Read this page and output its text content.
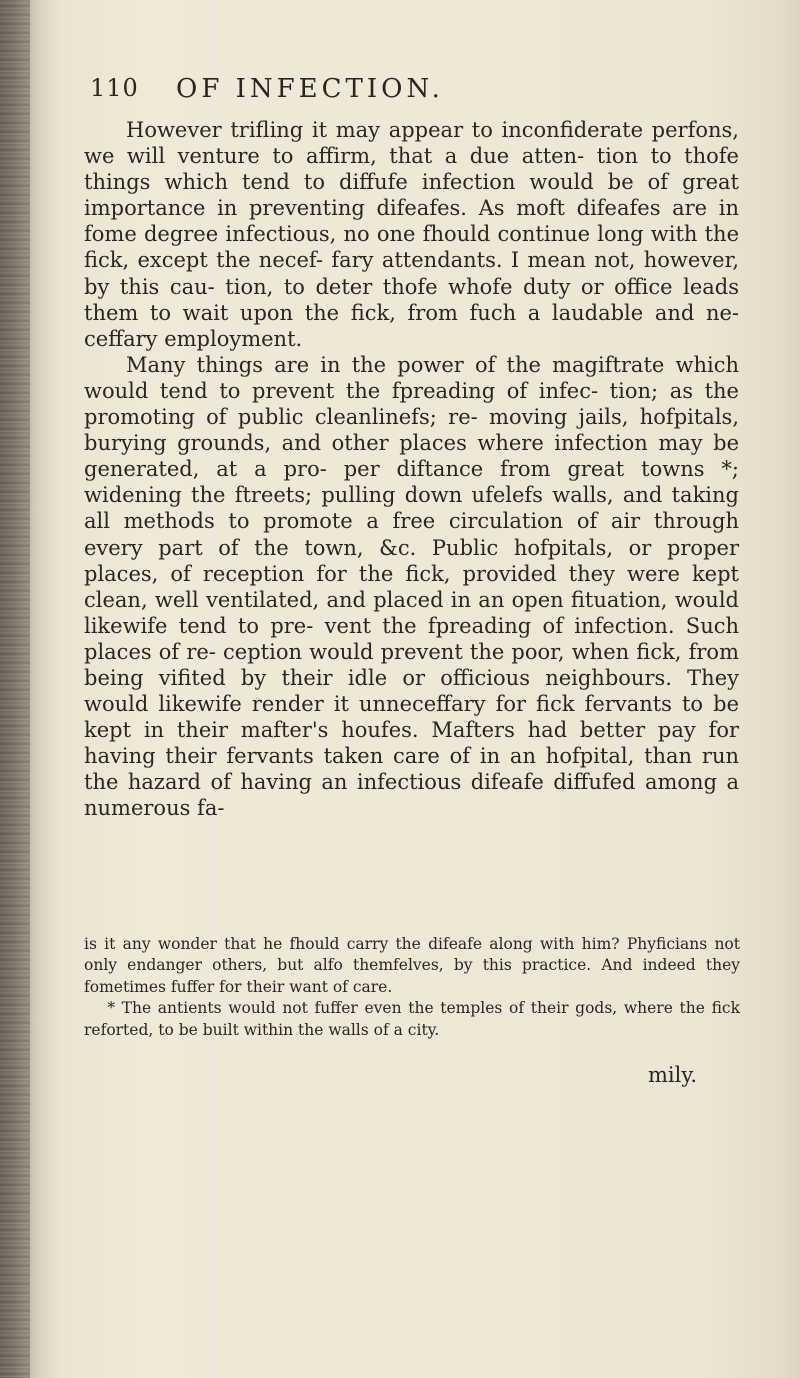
110 OF INFECTION.

However trifling it may appear to inconfiderate perfons, we will venture to affirm, that a due atten- tion to thofe things which tend to diffufe infection would be of great importance in preventing difeafes. As moft difeafes are in fome degree infectious, no one fhould continue long with the fick, except the necef- fary attendants. I mean not, however, by this cau- tion, to deter thofe whofe duty or office leads them to wait upon the fick, from fuch a laudable and ne- ceffary employment.

Many things are in the power of the magiftrate which would tend to prevent the fpreading of infec- tion; as the promoting of public cleanlinefs; re- moving jails, hofpitals, burying grounds, and other places where infection may be generated, at a pro- per diftance from great towns *; widening the ftreets; pulling down ufelefs walls, and taking all methods to promote a free circulation of air through every part of the town, &c. Public hofpitals, or proper places, of reception for the fick, provided they were kept clean, well ventilated, and placed in an open fituation, would likewife tend to pre- vent the fpreading of infection. Such places of re- ception would prevent the poor, when fick, from being vifited by their idle or officious neighbours. They would likewife render it unneceffary for fick fervants to be kept in their mafter's houfes. Mafters had better pay for having their fervants taken care of in an hofpital, than run the hazard of having an infectious difeafe diffufed among a numerous fa-

is it any wonder that he fhould carry the difeafe along with him? Phyficians not only endanger others, but alfo themfelves, by this practice. And indeed they fometimes fuffer for their want of care.

* The antients would not fuffer even the temples of their gods, where the fick reforted, to be built within the walls of a city.

mily.
